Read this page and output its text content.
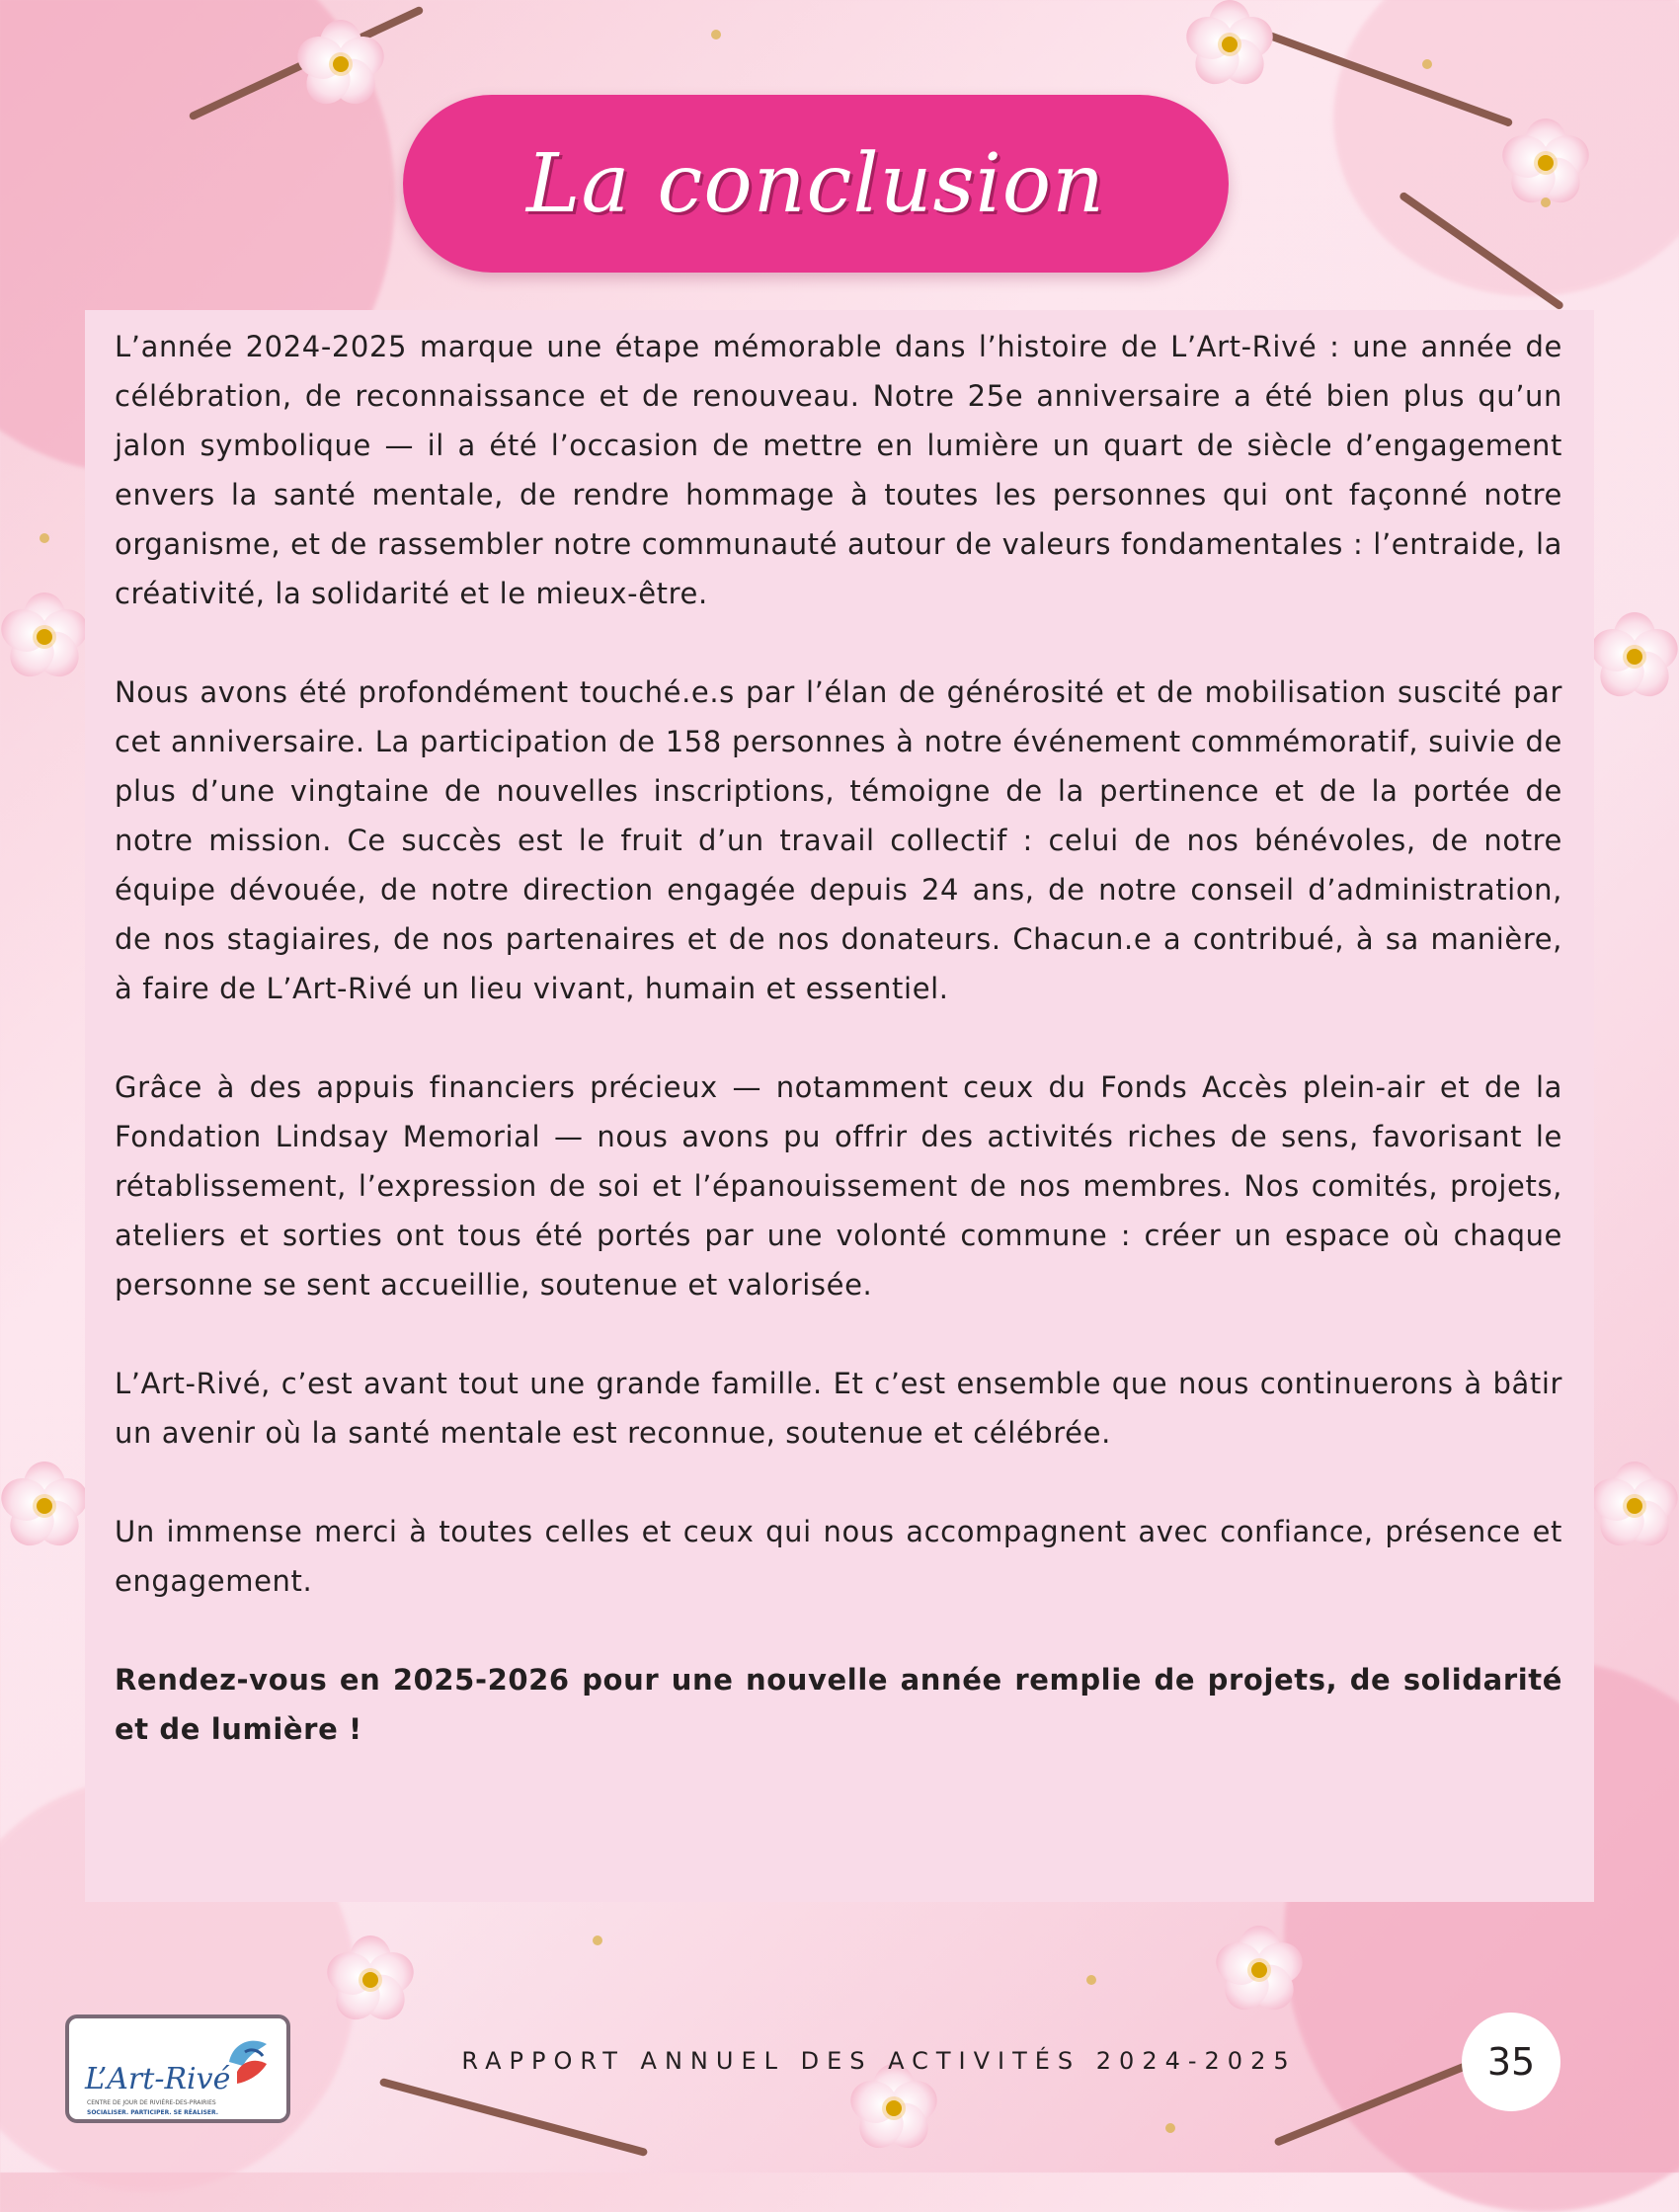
La conclusion

L’année 2024-2025 marque une étape mémorable dans l’histoire de L’Art-Rivé : une année de célébration, de reconnaissance et de renouveau. Notre 25e anniversaire a été bien plus qu’un jalon symbolique — il a été l’occasion de mettre en lumière un quart de siècle d’engagement envers la santé mentale, de rendre hommage à toutes les personnes qui ont façonné notre organisme, et de rassembler notre communauté autour de valeurs fondamentales : l’entraide, la créativité, la solidarité et le mieux-être.

Nous avons été profondément touché.e.s par l’élan de générosité et de mobilisation suscité par cet anniversaire. La participation de 158 personnes à notre événement commémoratif, suivie de plus d’une vingtaine de nouvelles inscriptions, témoigne de la pertinence et de la portée de notre mission. Ce succès est le fruit d’un travail collectif : celui de nos bénévoles, de notre équipe dévouée, de notre direction engagée depuis 24 ans, de notre conseil d’administration, de nos stagiaires, de nos partenaires et de nos donateurs. Chacun.e a contribué, à sa manière, à faire de L’Art-Rivé un lieu vivant, humain et essentiel.

Grâce à des appuis financiers précieux — notamment ceux du Fonds Accès plein-air et de la Fondation Lindsay Memorial — nous avons pu offrir des activités riches de sens, favorisant le rétablissement, l’expression de soi et l’épanouissement de nos membres. Nos comités, projets, ateliers et sorties ont tous été portés par une volonté commune : créer un espace où chaque personne se sent accueillie, soutenue et valorisée.

L’Art-Rivé, c’est avant tout une grande famille. Et c’est ensemble que nous continuerons à bâtir un avenir où la santé mentale est reconnue, soutenue et célébrée.

Un immense merci à toutes celles et ceux qui nous accompagnent avec confiance, présence et engagement.

Rendez-vous en 2025-2026 pour une nouvelle année remplie de projets, de solidarité et de lumière !

L’Art-Rivé
CENTRE DE JOUR DE RIVIÈRE-DES-PRAIRIES
SOCIALISER. PARTICIPER. SE RÉALISER.
RAPPORT ANNUEL DES ACTIVITÉS 2024-2025	35
